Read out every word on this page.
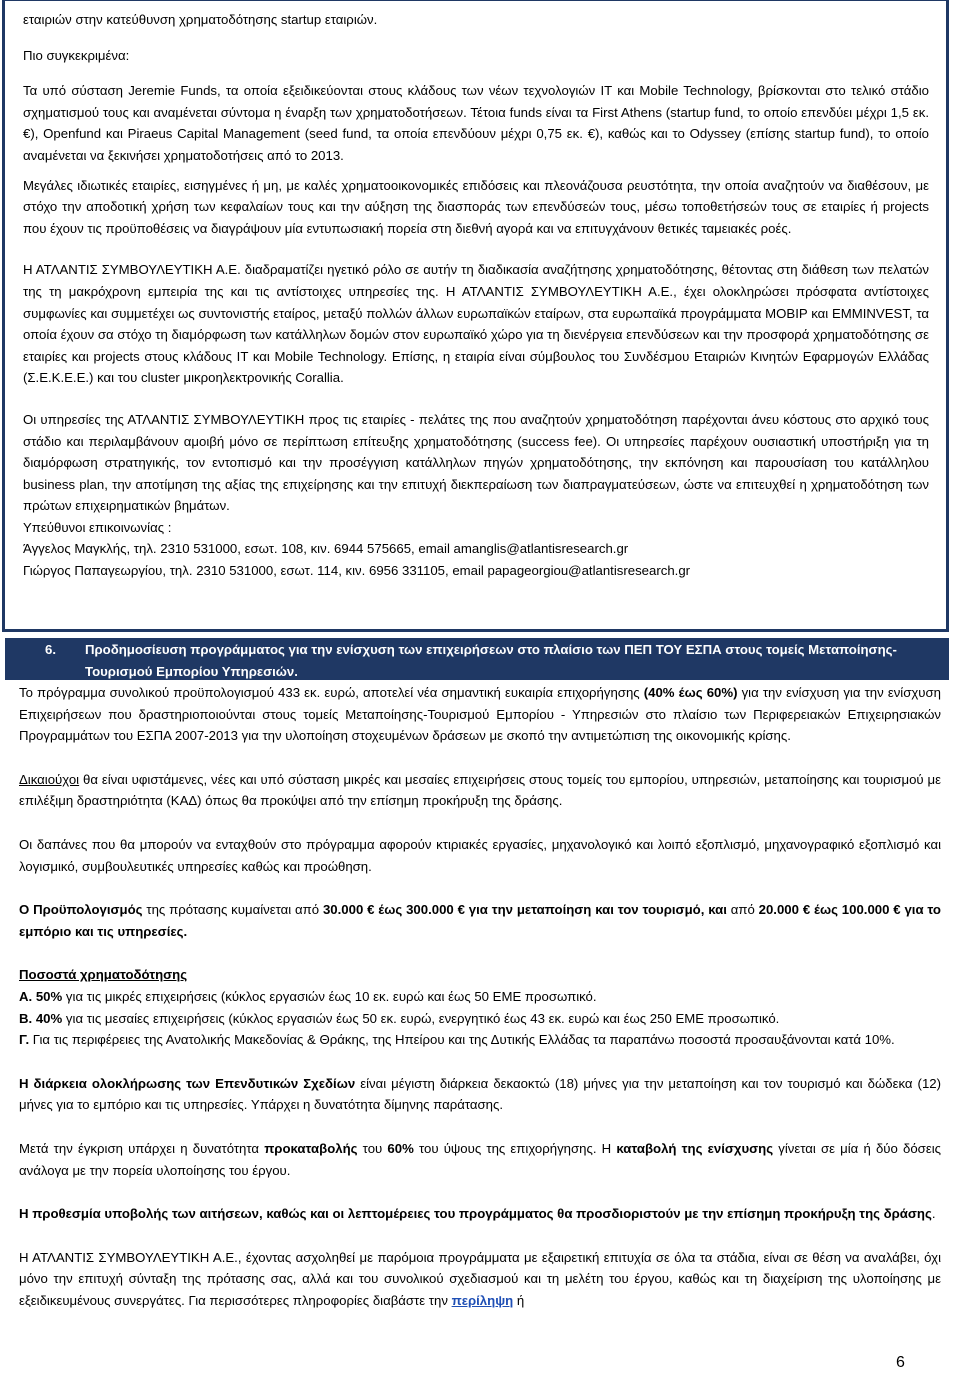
εταιριών στην κατεύθυνση χρηματοδότησης startup εταιριών.

Πιο συγκεκριμένα:

Τα υπό σύσταση Jeremie Funds, τα οποία εξειδικεύονται στους κλάδους των νέων τεχνολογιών IT και Mobile Technology, βρίσκονται στο τελικό στάδιο σχηματισμού τους και αναμένεται σύντομα η έναρξη των χρηματοδοτήσεων. Τέτοια funds είναι τα First Athens (startup fund, το οποίο επενδύει μέχρι 1,5 εκ. €), Openfund και Piraeus Capital Management (seed fund, τα οποία επενδύουν μέχρι 0,75 εκ. €), καθώς και το Odyssey (επίσης startup fund), το οποίο αναμένεται να ξεκινήσει χρηματοδοτήσεις από το 2013.

Μεγάλες ιδιωτικές εταιρίες, εισηγμένες ή μη, με καλές χρηματοοικονομικές επιδόσεις και πλεονάζουσα ρευστότητα, την οποία αναζητούν να διαθέσουν, με στόχο την αποδοτική χρήση των κεφαλαίων τους και την αύξηση της διασποράς των επενδύσεών τους, μέσω τοποθετήσεών τους σε εταιρίες ή projects που έχουν τις προϋποθέσεις να διαγράψουν μία εντυπωσιακή πορεία στη διεθνή αγορά και να επιτυγχάνουν θετικές ταμειακές ροές.

Η ΑΤΛΑΝΤΙΣ ΣΥΜΒΟΥΛΕΥΤΙΚΗ Α.Ε. διαδραματίζει ηγετικό ρόλο σε αυτήν τη διαδικασία αναζήτησης χρηματοδότησης, θέτοντας στη διάθεση των πελατών της τη μακρόχρονη εμπειρία της και τις αντίστοιχες υπηρεσίες της. Η ΑΤΛΑΝΤΙΣ ΣΥΜΒΟΥΛΕΥΤΙΚΗ Α.Ε., έχει ολοκληρώσει πρόσφατα αντίστοιχες συμφωνίες και συμμετέχει ως συντονιστής εταίρος, μεταξύ πολλών άλλων ευρωπαϊκών εταίρων, στα ευρωπαϊκά προγράμματα MOBIP και EMMINVEST, τα οποία έχουν σα στόχο τη διαμόρφωση των κατάλληλων δομών στον ευρωπαϊκό χώρο για τη διενέργεια επενδύσεων και την προσφορά χρηματοδότησης σε εταιρίες και projects στους κλάδους IT και Mobile Technology. Επίσης, η εταιρία είναι σύμβουλος του Συνδέσμου Εταιριών Κινητών Εφαρμογών Ελλάδας (Σ.Ε.Κ.Ε.Ε.) και του cluster μικροηλεκτρονικής Corallia.

Οι υπηρεσίες της ΑΤΛΑΝΤΙΣ ΣΥΜΒΟΥΛΕΥΤΙΚΗ προς τις εταιρίες - πελάτες της που αναζητούν χρηματοδότηση παρέχονται άνευ κόστους στο αρχικό τους στάδιο και περιλαμβάνουν αμοιβή μόνο σε περίπτωση επίτευξης χρηματοδότησης (success fee). Οι υπηρεσίες παρέχουν ουσιαστική υποστήριξη για τη διαμόρφωση στρατηγικής, τον εντοπισμό και την προσέγγιση κατάλληλων πηγών χρηματοδότησης, την εκπόνηση και παρουσίαση του κατάλληλου business plan, την αποτίμηση της αξίας της επιχείρησης και την επιτυχή διεκπεραίωση των διαπραγματεύσεων, ώστε να επιτευχθεί η χρηματοδότηση των πρώτων επιχειρηματικών βημάτων.

Υπεύθυνοι επικοινωνίας :

Άγγελος Μαγκλής, τηλ. 2310 531000, εσωτ. 108, κιν. 6944 575665, email amanglis@atlantisresearch.gr

Γιώργος Παπαγεωργίου, τηλ. 2310 531000, εσωτ. 114, κιν. 6956 331105, email papageorgiou@atlantisresearch.gr

6. Προδημοσίευση προγράμματος για την ενίσχυση των επιχειρήσεων στο πλαίσιο των ΠΕΠ ΤΟΥ ΕΣΠΑ στους τομείς Μεταποίησης-Τουρισμού Εμπορίου Υπηρεσιών.

Το πρόγραμμα συνολικού προϋπολογισμού 433 εκ. ευρώ, αποτελεί νέα σημαντική ευκαιρία επιχορήγησης (40% έως 60%) για την ενίσχυση για την ενίσχυση Επιχειρήσεων που δραστηριοποιούνται στους τομείς Μεταποίησης-Τουρισμού Εμπορίου - Υπηρεσιών στο πλαίσιο των Περιφερειακών Επιχειρησιακών Προγραμμάτων του ΕΣΠΑ 2007-2013 για την υλοποίηση στοχευμένων δράσεων με σκοπό την αντιμετώπιση της οικονομικής κρίσης.

Δικαιούχοι θα είναι υφιστάμενες, νέες και υπό σύσταση μικρές και μεσαίες επιχειρήσεις στους τομείς του εμπορίου, υπηρεσιών, μεταποίησης και τουρισμού με επιλέξιμη δραστηριότητα (ΚΑΔ) όπως θα προκύψει από την επίσημη προκήρυξη της δράσης.

Οι δαπάνες που θα μπορούν να ενταχθούν στο πρόγραμμα αφορούν κτιριακές εργασίες, μηχανολογικό και λοιπό εξοπλισμό, μηχανογραφικό εξοπλισμό και λογισμικό, συμβουλευτικές υπηρεσίες καθώς και προώθηση.

Ο Προϋπολογισμός της πρότασης κυμαίνεται από 30.000 € έως 300.000 € για την μεταποίηση και τον τουρισμό, και από 20.000 € έως 100.000 € για το εμπόριο και τις υπηρεσίες.

Ποσοστά χρηματοδότησης

Α. 50% για τις μικρές επιχειρήσεις (κύκλος εργασιών έως 10 εκ. ευρώ και έως 50 ΕΜΕ προσωπικό.

Β. 40% για τις μεσαίες επιχειρήσεις (κύκλος εργασιών έως 50 εκ. ευρώ, ενεργητικό έως 43 εκ. ευρώ και έως 250 ΕΜΕ προσωπικό.

Γ. Για τις περιφέρειες της Ανατολικής Μακεδονίας & Θράκης, της Ηπείρου και της Δυτικής Ελλάδας τα παραπάνω ποσοστά προσαυξάνονται κατά 10%.

Η διάρκεια ολοκλήρωσης των Επενδυτικών Σχεδίων είναι μέγιστη διάρκεια δεκαοκτώ (18) μήνες για την μεταποίηση και τον τουρισμό και δώδεκα (12) μήνες για το εμπόριο και τις υπηρεσίες. Υπάρχει η δυνατότητα δίμηνης παράτασης.

Μετά την έγκριση υπάρχει η δυνατότητα προκαταβολής του 60% του ύψους της επιχορήγησης. Η καταβολή της ενίσχυσης γίνεται σε μία ή δύο δόσεις ανάλογα με την πορεία υλοποίησης του έργου.

Η προθεσμία υποβολής των αιτήσεων, καθώς και οι λεπτομέρειες του προγράμματος θα προσδιοριστούν με την επίσημη προκήρυξη της δράσης.

Η ΑΤΛΑΝΤΙΣ ΣΥΜΒΟΥΛΕΥΤΙΚΗ Α.Ε., έχοντας ασχοληθεί με παρόμοια προγράμματα με εξαιρετική επιτυχία σε όλα τα στάδια, είναι σε θέση να αναλάβει, όχι μόνο την επιτυχή σύνταξη της πρότασης σας, αλλά και του συνολικού σχεδιασμού και τη μελέτη του έργου, καθώς και τη διαχείριση της υλοποίησης με εξειδικευμένους συνεργάτες. Για περισσότερες πληροφορίες διαβάστε την περίληψη ή

6
